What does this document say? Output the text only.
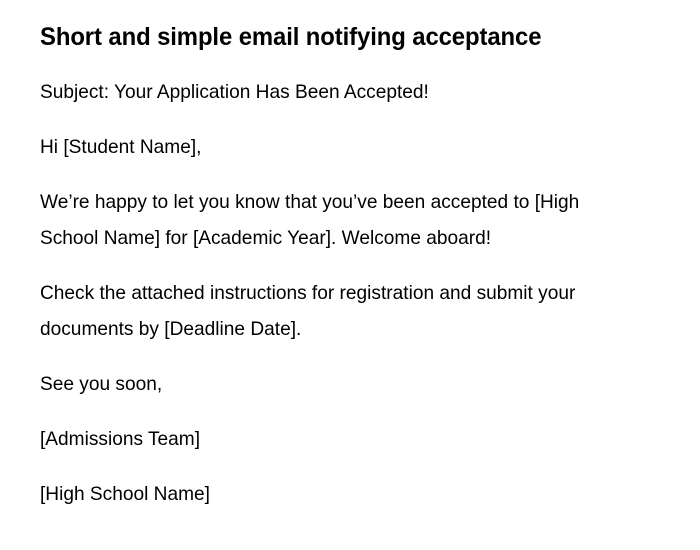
Short and simple email notifying acceptance

Subject: Your Application Has Been Accepted!

Hi [Student Name],

We’re happy to let you know that you’ve been accepted to [High School Name] for [Academic Year]. Welcome aboard!

Check the attached instructions for registration and submit your documents by [Deadline Date].

See you soon,

[Admissions Team]

[High School Name]
